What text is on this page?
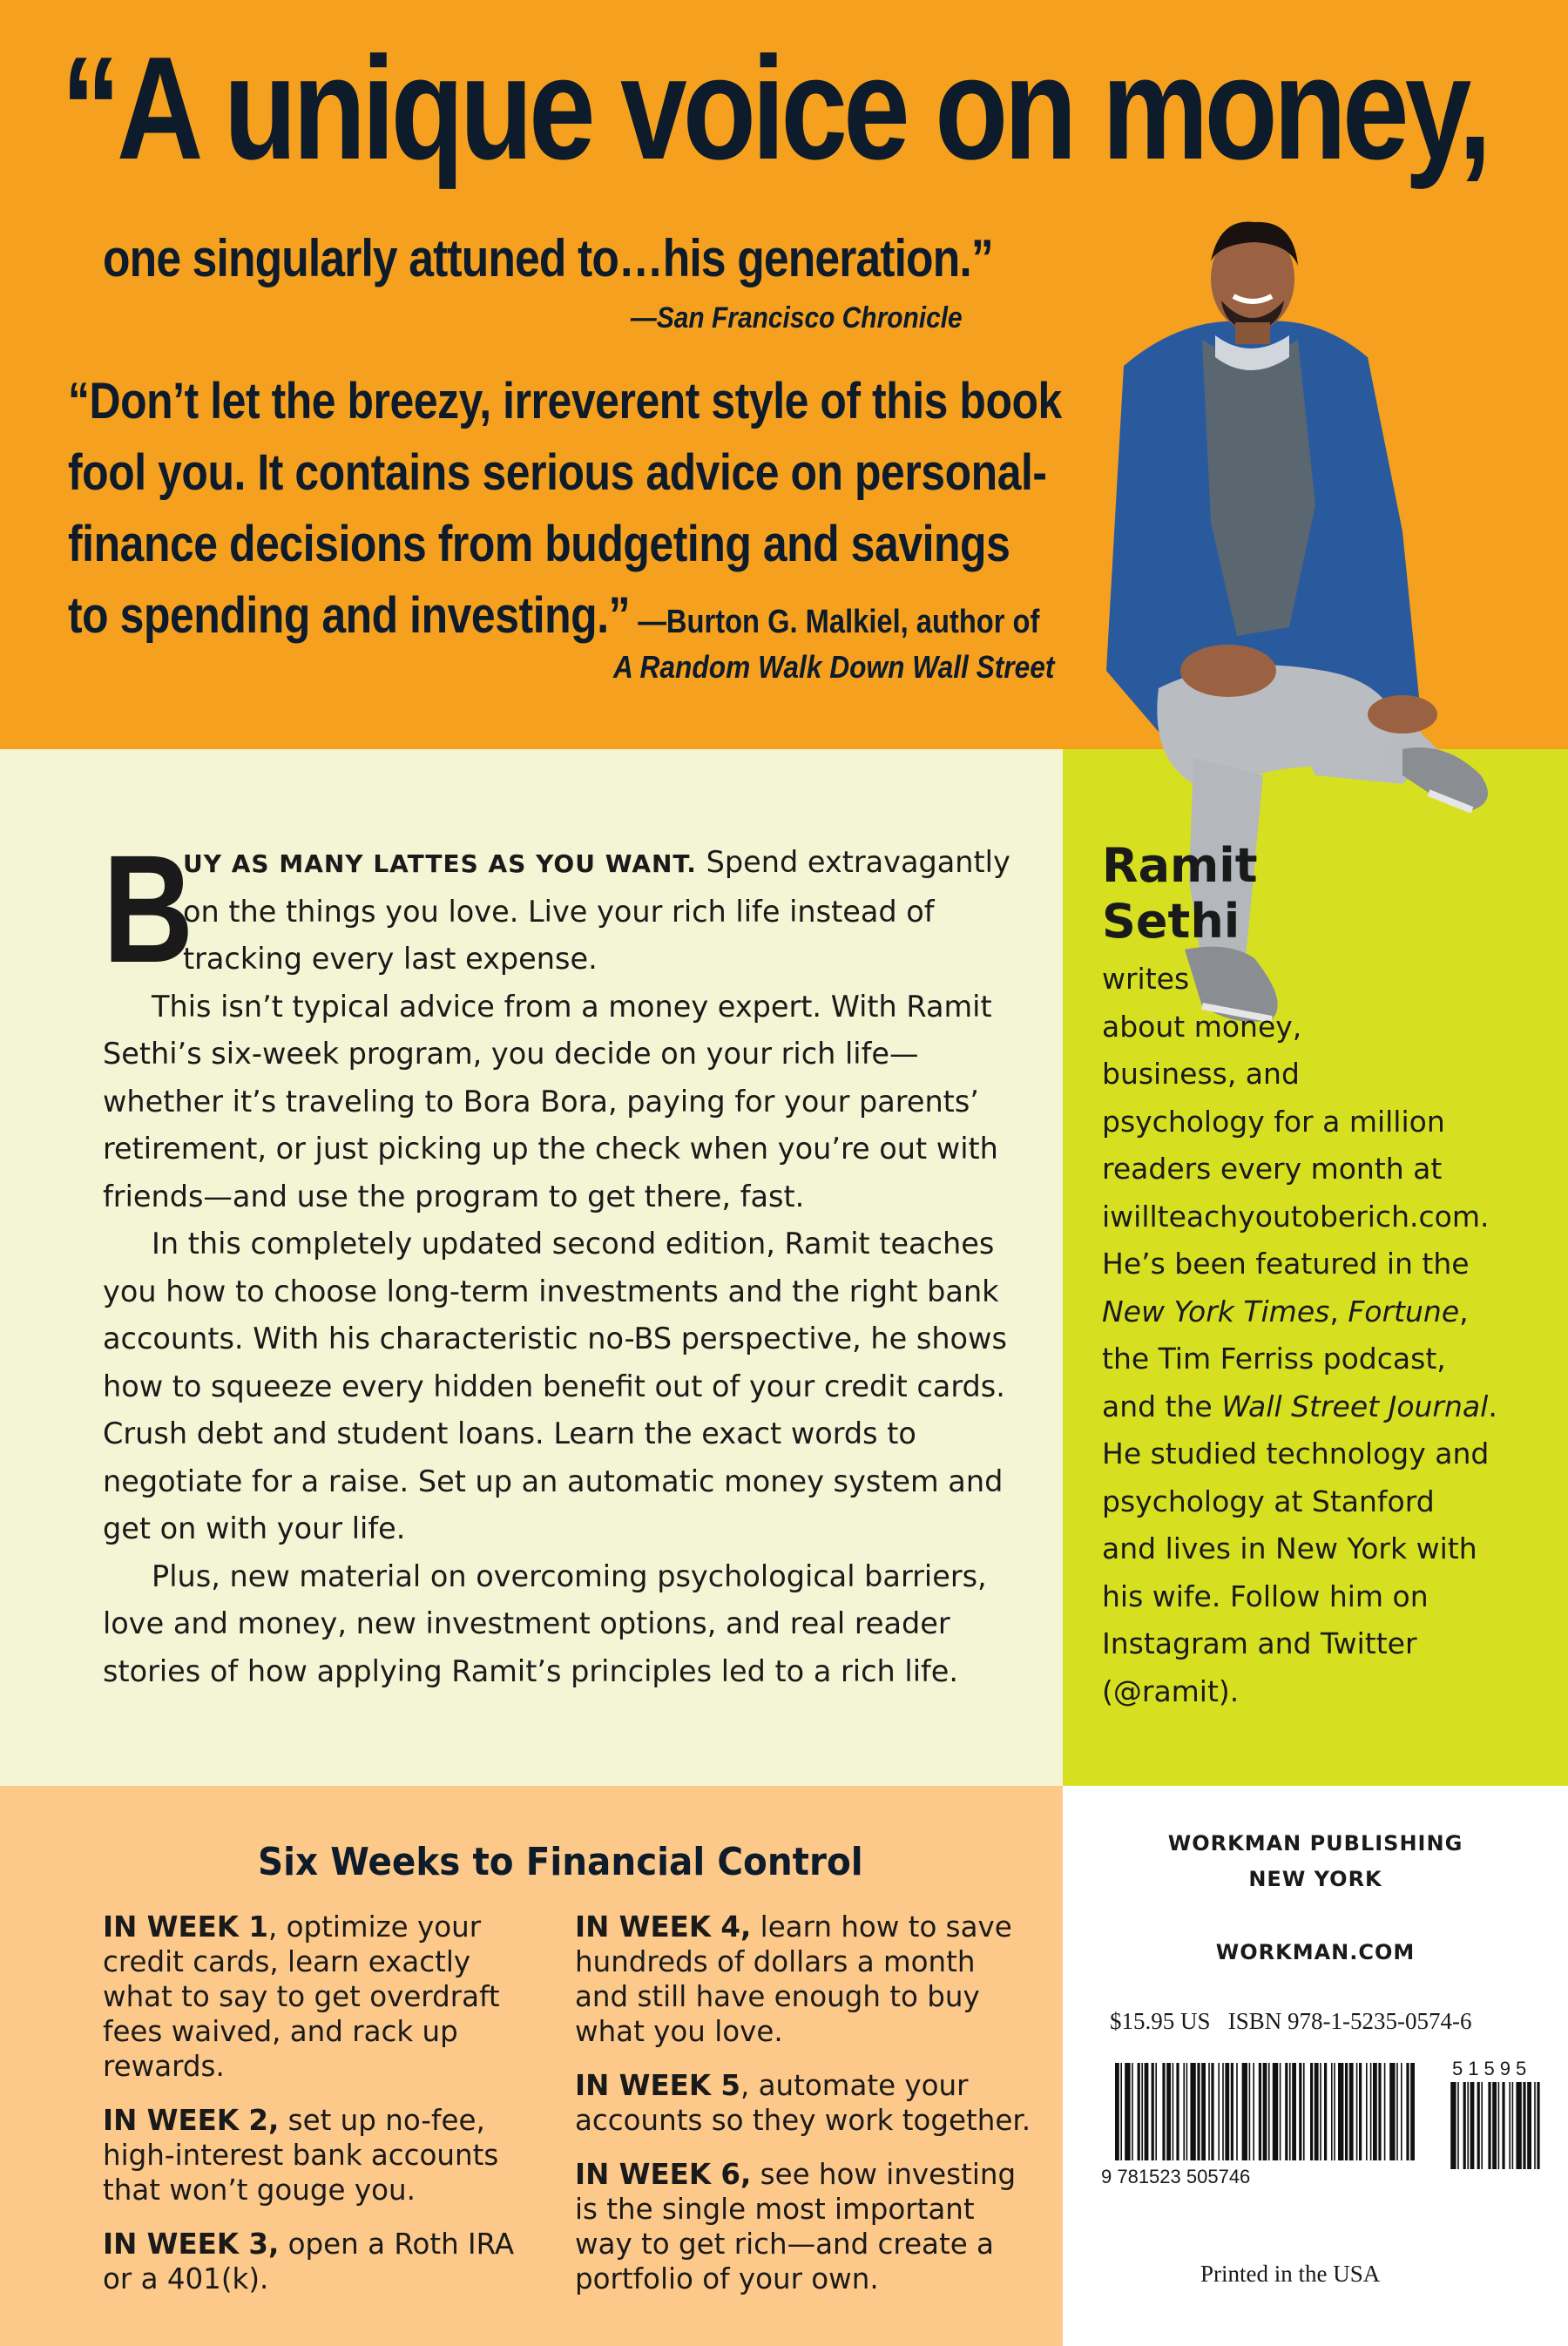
“A unique voice on money,
one singularly attuned to…his generation.”
—San Francisco Chronicle
“Don’t let the breezy, irreverent style of this book
fool you. It contains serious advice on personal-
finance decisions from budgeting and savings
to spending and investing.” —Burton G. Malkiel, author of
A Random Walk Down Wall Street

B
UY AS MANY LATTES AS YOU WANT. Spend extravagantly on the things you love. Live your rich life instead of tracking every last expense.

This isn’t typical advice from a money expert. With Ramit Sethi’s six-week program, you decide on your rich life—whether it’s traveling to Bora Bora, paying for your parents’ retirement, or just picking up the check when you’re out with friends—and use the program to get there, fast.

In this completely updated second edition, Ramit teaches you how to choose long-term investments and the right bank accounts. With his characteristic no-BS perspective, he shows how to squeeze every hidden benefit out of your credit cards. Crush debt and student loans. Learn the exact words to negotiate for a raise. Set up an automatic money system and get on with your life.

Plus, new material on overcoming psychological barriers, love and money, new investment options, and real reader stories of how applying Ramit’s principles led to a rich life.

Ramit
Sethi
writes
about money,
business, and
psychology for a million
readers every month at
iwillteachyoutoberich.com.
He’s been featured in the
New York Times, Fortune,
the Tim Ferriss podcast,
and the Wall Street Journal.
He studied technology and
psychology at Stanford
and lives in New York with
his wife. Follow him on
Instagram and Twitter
(@ramit).
Six Weeks to Financial Control
IN WEEK 1, optimize your
credit cards, learn exactly
what to say to get overdraft
fees waived, and rack up
rewards.
IN WEEK 2, set up no-fee,
high-interest bank accounts
that won’t gouge you.
IN WEEK 3, open a Roth IRA
or a 401(k).
IN WEEK 4, learn how to save
hundreds of dollars a month
and still have enough to buy
what you love.
IN WEEK 5, automate your
accounts so they work together.
IN WEEK 6, see how investing
is the single most important
way to get rich—and create a
portfolio of your own.
WORKMAN PUBLISHING
NEW YORK
WORKMAN.COM
$15.95 US ISBN 978-1-5235-0574-6
9 781523 505746
51595
Printed in the USA
